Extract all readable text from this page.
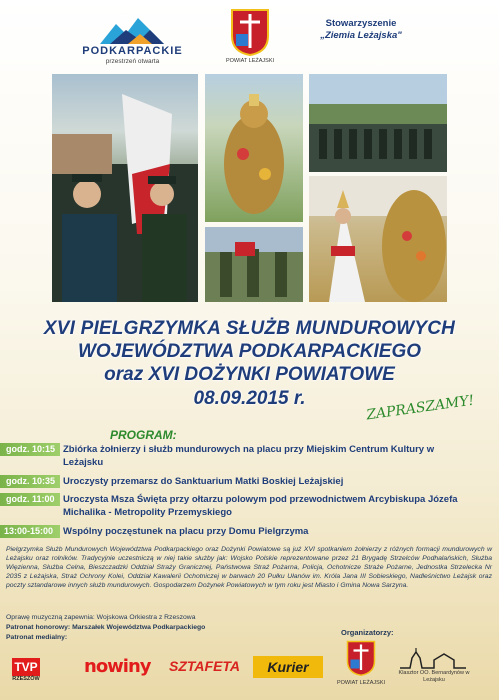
PODKARPACKIE
przestrzeń otwarta	POWIAT LEŻAJSKI
Stowarzyszenie
„Ziemia Leżajska"
XVI PIELGRZYMKA SŁUŻB MUNDUROWYCH
WOJEWÓDZTWA PODKARPACKIEGO
oraz XVI DOŻYNKI POWIATOWE
08.09.2015 r.	ZAPRASZAMY!
PROGRAM:
godz. 10:15 Zbiórka żołnierzy i służb mundurowych na placu przy Miejskim Centrum Kultury w Leżajsku
godz. 10:35 Uroczysty przemarsz do Sanktuarium Matki Boskiej Leżajskiej
godz. 11:00 Uroczysta Msza Święta przy ołtarzu polowym pod przewodnictwem Arcybiskupa Józefa Michalika - Metropolity Przemyskiego
13:00-15:00	Wspólny poczęstunek na placu przy Domu Pielgrzyma
Pielgrzymka Służb Mundurowych Województwa Podkarpackiego oraz Dożynki Powiatowe są już XVI spotkaniem żołnierzy z różnych formacji mundurowych w Leżajsku oraz rolników. Tradycyjnie uczestniczą w niej takie służby jak: Wojsko Polskie reprezentowane przez 21 Brygadę Strzelców Podhalańskich, Służba Więzienna, Służba Celna, Bieszczadzki Oddział Straży Granicznej, Państwowa Straż Pożarna, Policja, Ochotnicze Straże Pożarne, Jednostka Strzelecka Nr 2035 z Leżajska, Straż Ochrony Kolei, Oddział Kawalerii Ochotniczej w barwach 20 Pułku Ułanów im. Króla Jana III Sobieskiego, Nadleśnictwo Leżajsk oraz poczty sztandarowe innych służb mundurowych. Gospodarzem Dożynek Powiatowych w tym roku jest Miasto i Gmina Nowa Sarzyna.
Oprawę muzyczną zapewnia: Wojskowa Orkiestra z Rzeszowa
Patronat honorowy: Marszałek Województwa Podkarpackiego
Patronat medialny:
Organizatorzy:
TVP
RZESZÓW
nowiny SZTAFETA	Kurier
POWIAT LEŻAJSKI
Klasztor OO. Bernardynów w Leżajsku
